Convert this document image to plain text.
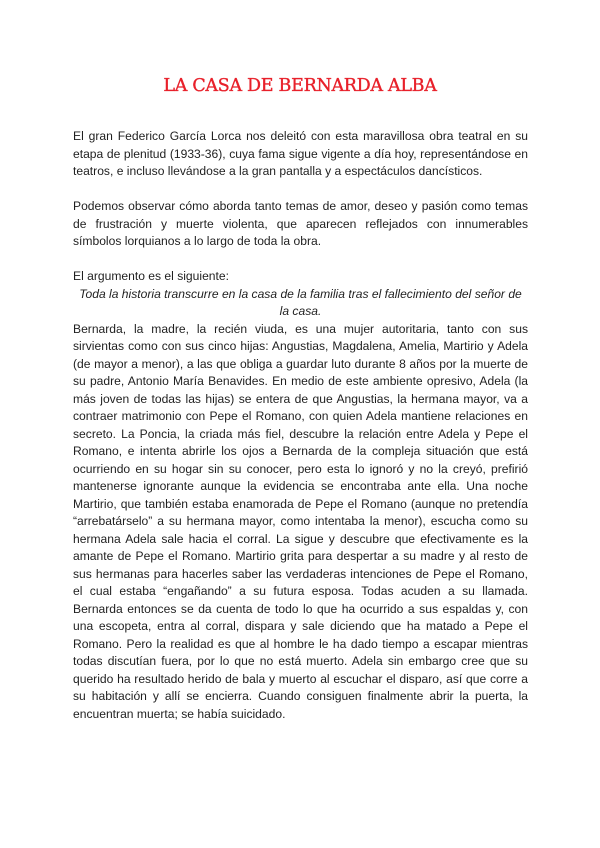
LA CASA DE BERNARDA ALBA

El gran Federico García Lorca nos deleitó con esta maravillosa obra teatral en su etapa de plenitud (1933-36), cuya fama sigue vigente a día hoy, representándose en teatros, e incluso llevándose a la gran pantalla y a espectáculos dancísticos.

Podemos observar cómo aborda tanto temas de amor, deseo y pasión como temas de frustración y muerte violenta, que aparecen reflejados con innumerables símbolos lorquianos a lo largo de toda la obra.

El argumento es el siguiente:

Toda la historia transcurre en la casa de la familia tras el fallecimiento del señor de la casa.

Bernarda, la madre, la recién viuda, es una mujer autoritaria, tanto con sus sirvientas como con sus cinco hijas: Angustias, Magdalena, Amelia, Martirio y Adela (de mayor a menor), a las que obliga a guardar luto durante 8 años por la muerte de su padre, Antonio María Benavides. En medio de este ambiente opresivo, Adela (la más joven de todas las hijas) se entera de que Angustias, la hermana mayor, va a contraer matrimonio con Pepe el Romano, con quien Adela mantiene relaciones en secreto. La Poncia, la criada más fiel, descubre la relación entre Adela y Pepe el Romano, e intenta abrirle los ojos a Bernarda de la compleja situación que está ocurriendo en su hogar sin su conocer, pero esta lo ignoró y no la creyó, prefirió mantenerse ignorante aunque la evidencia se encontraba ante ella. Una noche Martirio, que también estaba enamorada de Pepe el Romano (aunque no pretendía “arrebatárselo” a su hermana mayor, como intentaba la menor), escucha como su hermana Adela sale hacia el corral. La sigue y descubre que efectivamente es la amante de Pepe el Romano. Martirio grita para despertar a su madre y al resto de sus hermanas para hacerles saber las verdaderas intenciones de Pepe el Romano, el cual estaba “engañando” a su futura esposa. Todas acuden a su llamada. Bernarda entonces se da cuenta de todo lo que ha ocurrido a sus espaldas y, con una escopeta, entra al corral, dispara y sale diciendo que ha matado a Pepe el Romano. Pero la realidad es que al hombre le ha dado tiempo a escapar mientras todas discutían fuera, por lo que no está muerto. Adela sin embargo cree que su querido ha resultado herido de bala y muerto al escuchar el disparo, así que corre a su habitación y allí se encierra. Cuando consiguen finalmente abrir la puerta, la encuentran muerta; se había suicidado.
